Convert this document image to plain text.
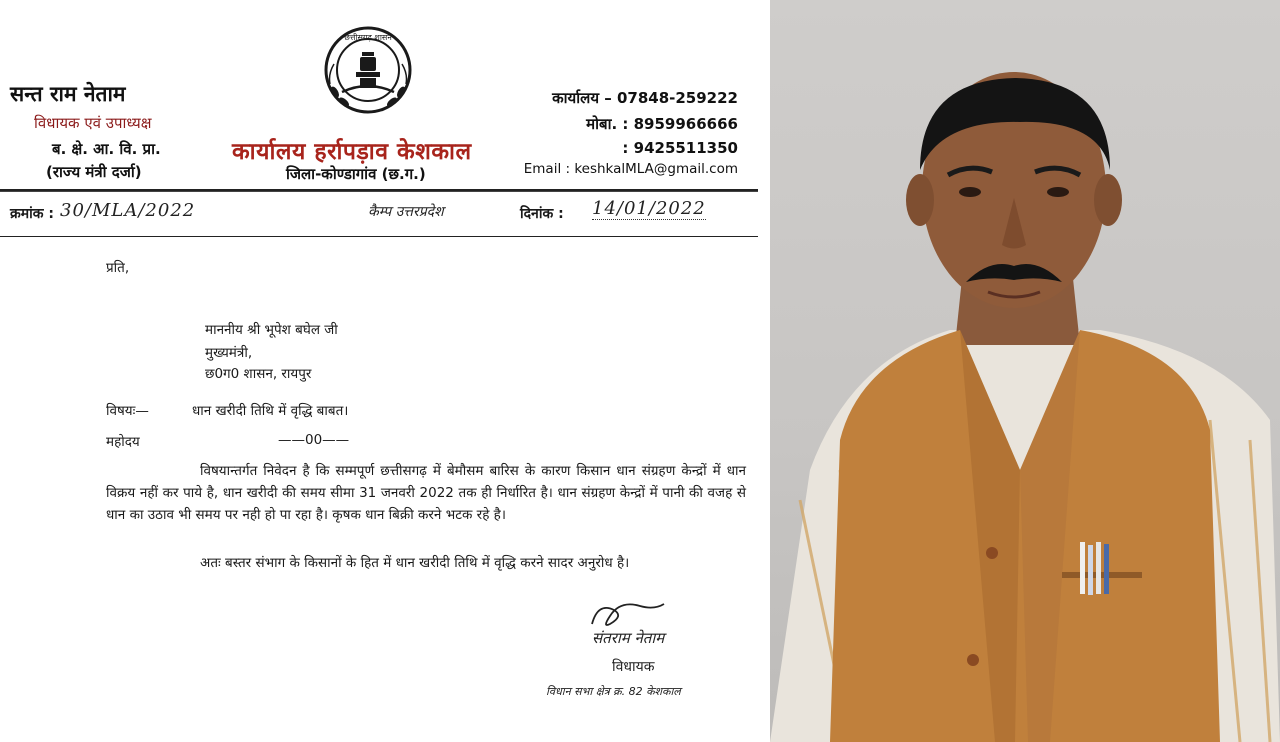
सन्त राम नेताम
विधायक एवं उपाध्यक्ष
ब. क्षे. आ. वि. प्रा.
(राज्य मंत्री दर्जा)
छत्तीसगढ़ शासन
कार्यालय हर्रापड़ाव केशकाल
जिला-कोण्डागांव (छ.ग.)
कार्यालय – 07848-259222
मोबा. : 8959966666
: 9425511350
Email : keshkalMLA@gmail.com
क्रमांक : 30/MLA/2022	कैम्प उत्तरप्रदेश	दिनांक : 14/01/2022
प्रति,
माननीय श्री भूपेश बघेल जी
मुख्यमंत्री,
छ0ग0 शासन, रायपुर
विषयः—	धान खरीदी तिथि में वृद्धि बाबत।
महोदय	——00——
विषयान्तर्गत निवेदन है कि सम्मपूर्ण छत्तीसगढ़ में बेमौसम बारिस के कारण किसान धान संग्रहण केन्द्रों में धान विक्रय नहीं कर पाये है, धान खरीदी की समय सीमा 31 जनवरी 2022 तक ही निर्धारित है। धान संग्रहण केन्द्रों में पानी की वजह से धान का उठाव भी समय पर नही हो पा रहा है। कृषक धान बिक्री करने भटक रहे है।
अतः बस्तर संभाग के किसानों के हित में धान खरीदी तिथि में वृद्धि करने सादर अनुरोध है।
संतराम नेताम
विधायक
विधान सभा क्षेत्र क्र. 82 केशकाल
